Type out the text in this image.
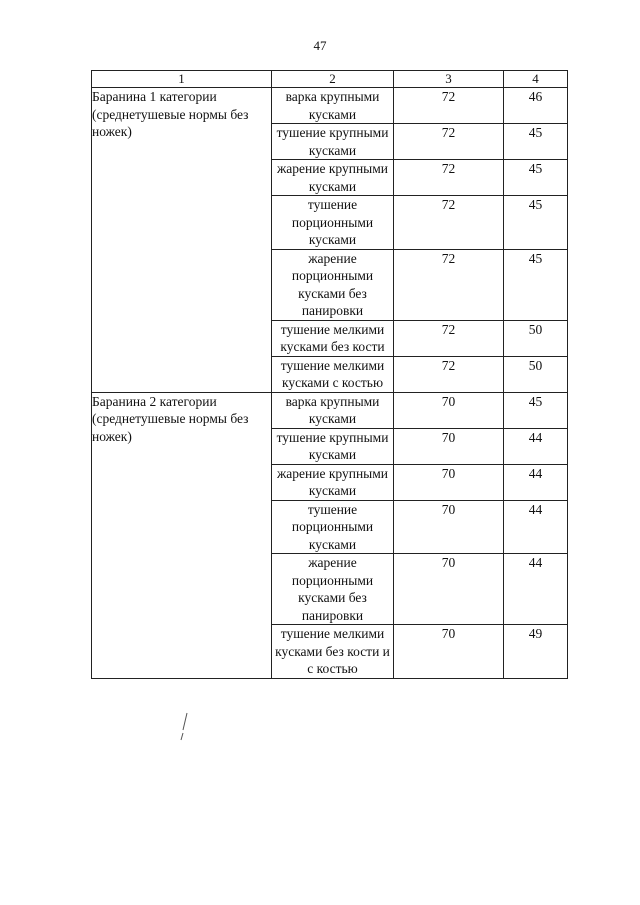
47
1	2	3	4
Баранина 1 категории (среднетушевые нормы без ножек)	варка крупными кусками	72	46
	тушение крупными кусками	72	45
	жарение крупными кусками	72	45
	тушение порционными кусками	72	45
	жарение порционными кусками без панировки	72	45
	тушение мелкими кусками без кости	72	50
	тушение мелкими кусками с костью	72	50
Баранина 2 категории (среднетушевые нормы без ножек)	варка крупными кусками	70	45
	тушение крупными кусками	70	44
	жарение крупными кусками	70	44
	тушение порционными кусками	70	44
	жарение порционными кусками без панировки	70	44
	тушение мелкими кусками без кости и с костью	70	49
